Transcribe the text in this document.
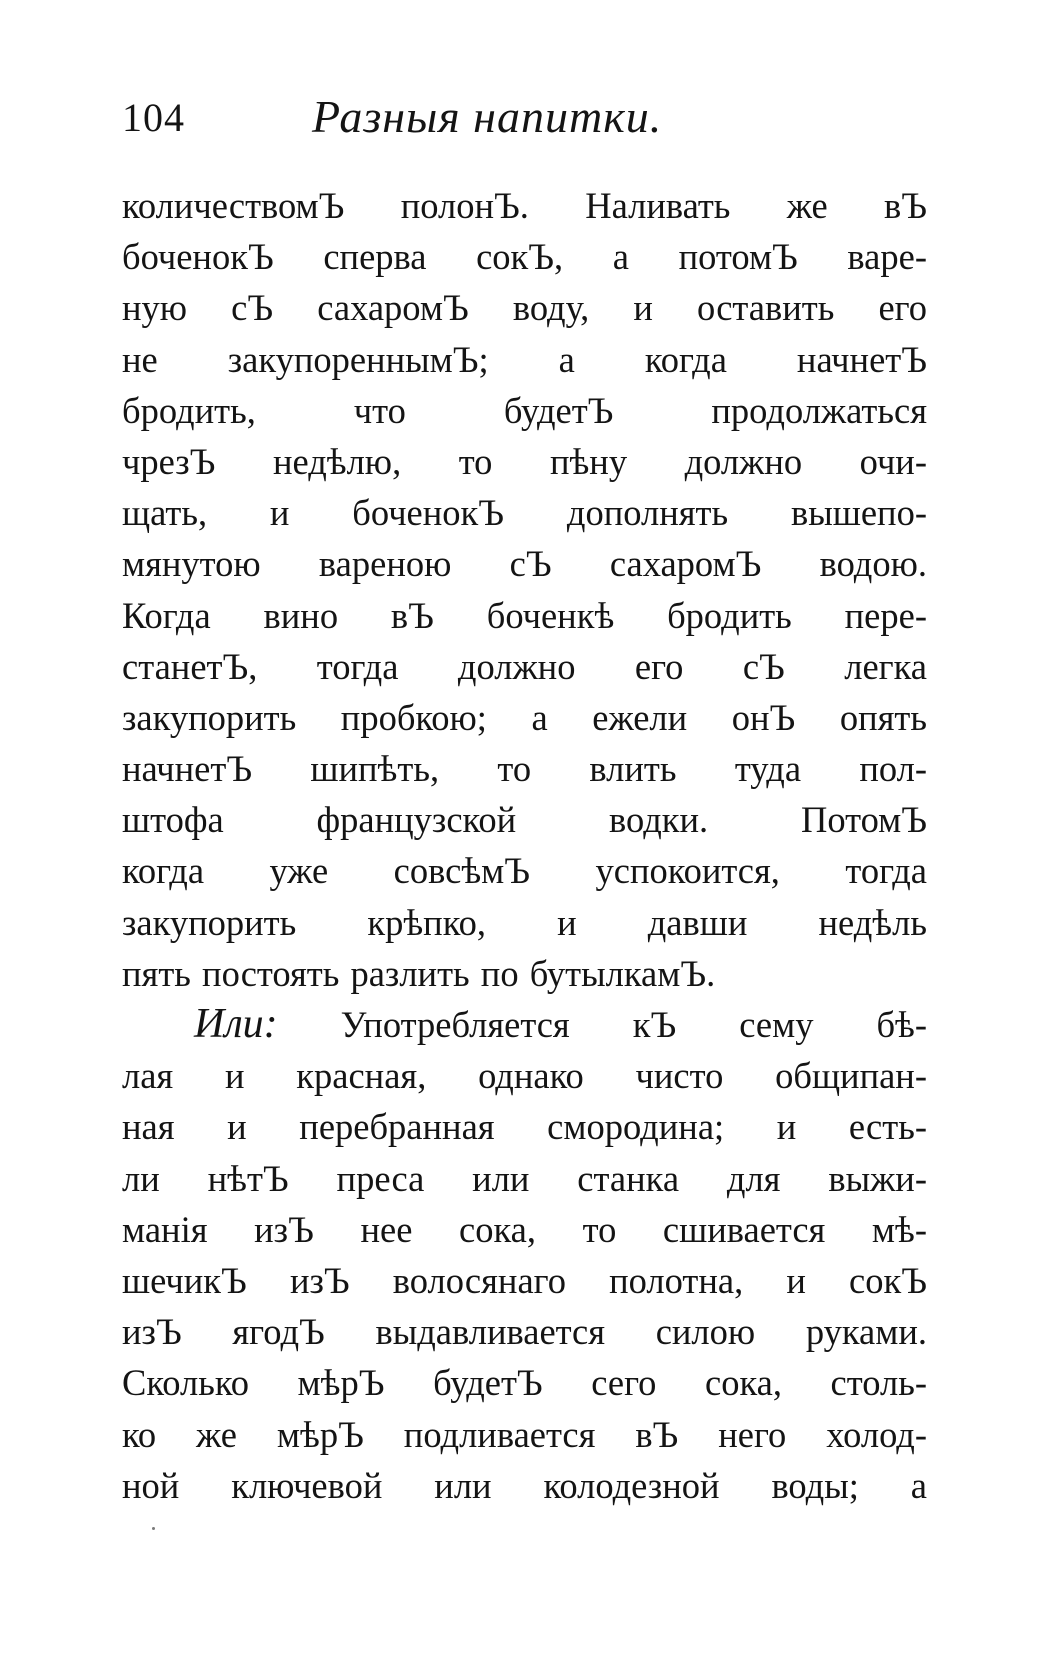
104	Разныя напитки.
количествомЪ полонЪ. Наливать же вЪ
боченокЪ сперва сокЪ, а потомЪ варе-
ную сЪ сахаромЪ воду, и оставить его
не закупореннымЪ; а когда начнетЪ
бродить, что будетЪ продолжаться
чрезЪ недѣлю, то пѣну должно очи-
щать, и боченокЪ дополнять вышепо-
мянутою вареною сЪ сахаромЪ водою.
Когда вино вЪ боченкѣ бродить пере-
станетЪ, тогда должно его сЪ легка
закупорить пробкою; а ежели онЪ опять
начнетЪ шипѣть, то влить туда пол-
штофа французской водки. ПотомЪ
когда уже совсѣмЪ успокоится, тогда
закупорить крѣпко, и давши недѣль
пять постоять разлить по бутылкамЪ.
Или: Употребляется кЪ сему бѣ-
лая и красная, однако чисто общипан-
ная и перебранная смородина; и есть-
ли нѣтЪ преса или станка для выжи-
манія изЪ нее сока, то сшивается мѣ-
шечикЪ изЪ волосянаго полотна, и сокЪ
изЪ ягодЪ выдавливается силою руками.
Сколько мѣрЪ будетЪ сего сока, столь-
ко же мѣрЪ подливается вЪ него холод-
ной ключевой или колодезной воды; а
